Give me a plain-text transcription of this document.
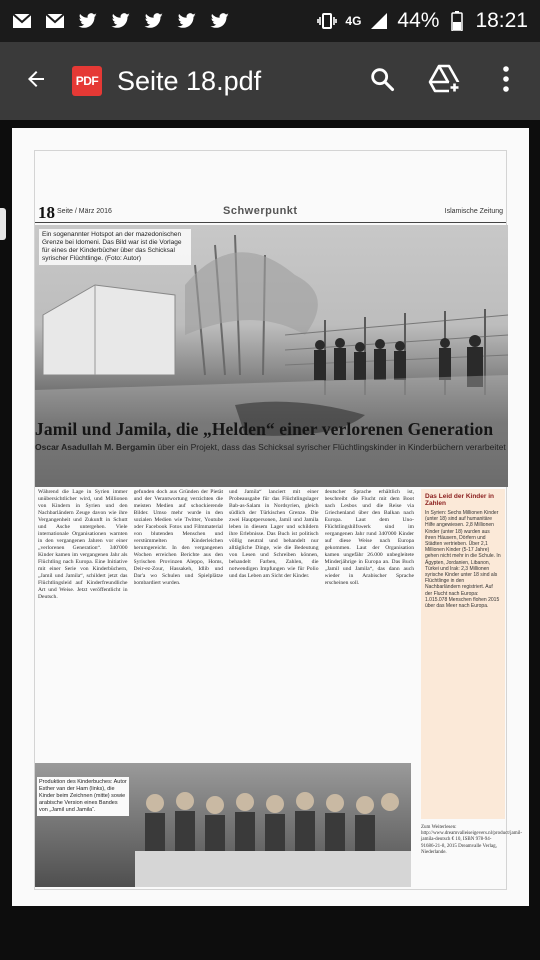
4G 44% 18:21
PDF Seite 18.pdf
18 Seite / März 2016	Schwerpunkt	Islamische Zeitung
Ein sogenannter Hotspot an der mazedonischen Grenze bei Idomeni. Das Bild war ist die Vorlage für eines der Kinderbücher über das Schicksal syrischer Flüchtlinge. (Foto: Autor)
Jamil und Jamila, die „Helden“ einer verlorenen Generation
Oscar Asadullah M. Bergamin über ein Projekt, dass das Schicksal syrischer Flüchtlingskinder in Kinderbüchern verarbeitet
Während die Lage in Syrien immer unübersichtlicher wird, und Millionen von Kindern in Syrien und den Nachbarländern Zeuge davon wie ihre Vergangenheit und Zukunft in Schutt und Asche untergehen. Viele internationale Organisationen warnten in den vergangenen Jahren vor einer „verlorenen Generation“. 340'000 Kinder kamen im vergangenen Jahr als Flüchtling nach Europa. Eine Initiative mit einer Serie von Kinderbüchern, „Jamil und Jamila“, schildert jetzt das Flüchtlingsleid auf Kinderfreundliche Art und Weise. Jetzt veröffentlicht in Deutsch.
gefunden doch aus Gründen der Pietät und der Verantwortung verzichten die meisten Medien auf schockierende Bilder. Umso mehr wurde in den sozialen Medien wie Twitter, Youtube oder Facebook Fotos und Filmmaterial von blutenden Menschen und verstümmelten Kinderleichen herumgereicht. In den vergangenen Wochen erreichen Berichte aus den Syrischen Provinzen Aleppo, Homs, Deir-ez-Zour, Hassakeh, Idlib und Dar'a wo Schulen und Spielplätze bombardiert wurden.
und Jamila“ lanciert mit einer Probeausgabe für das Flüchtlingslager Bab-as-Salam in Nordsyrien, gleich südlich der Türkischen Grenze. Die zwei Hauptpersonen, Jamil und Jamila leben in diesem Lager und schildern ihre Erlebnisse. Das Buch ist politisch völlig neutral und behandelt nur alltägliche Dinge, wie die Bedeutung von Lesen und Schreiben können, behandelt Farben, Zahlen, die notwendigen Impfungen wie für Polio und das Leben am Sicht der Kinder.
deutscher Sprache erhältlich ist, beschreibt die Flucht mit dem Boot nach Lesbos und die Reise via Griechenland über den Balkan nach Europa. Laut dem Uno-Flüchtlingshilfswerk sind im vergangenen Jahr rund 340'000 Kinder auf diese Weise nach Europa gekommen. Laut der Organisation kamen ungefähr 26.000 unbegleitete Minderjährige in Europa an. Das Buch „Jamil und Jamila“, das dann auch wieder in Arabischer Sprache erscheinen soll.
Produktion des Kinderbuches: Autor Esther van der Ham (links), die Kinder beim Zeichnen (mitte) sowie arabische Version eines Bandes von „Jamil und Jamila“.
Das Leid der Kinder in Zahlen
In Syrien: Sechs Millionen Kinder (unter 18) sind auf humanitäre Hilfe angewiesen. 2,8 Millionen Kinder (unter 18) wurden aus ihren Häusern, Dörfern und Städten vertrieben. Über 2,1 Millionen Kinder (5-17 Jahre) gehen nicht mehr in die Schule. In Ägypten, Jordanien, Libanon, Türkei und Irak: 2,3 Millionen syrische Kinder unter 18 sind als Flüchtlinge in den Nachbarländern registriert. Auf der Flucht nach Europa: 1.015.078 Menschen flohen 2015 über das Meer nach Europa.
Zum Weiterlesen: http://www.dreamvalleiseigevers.nl/product/jamil-jamila-deutsch € 10, ISBN 978-94-91686-21-8, 2015 Dreamvalle Verlag, Niederlande.
